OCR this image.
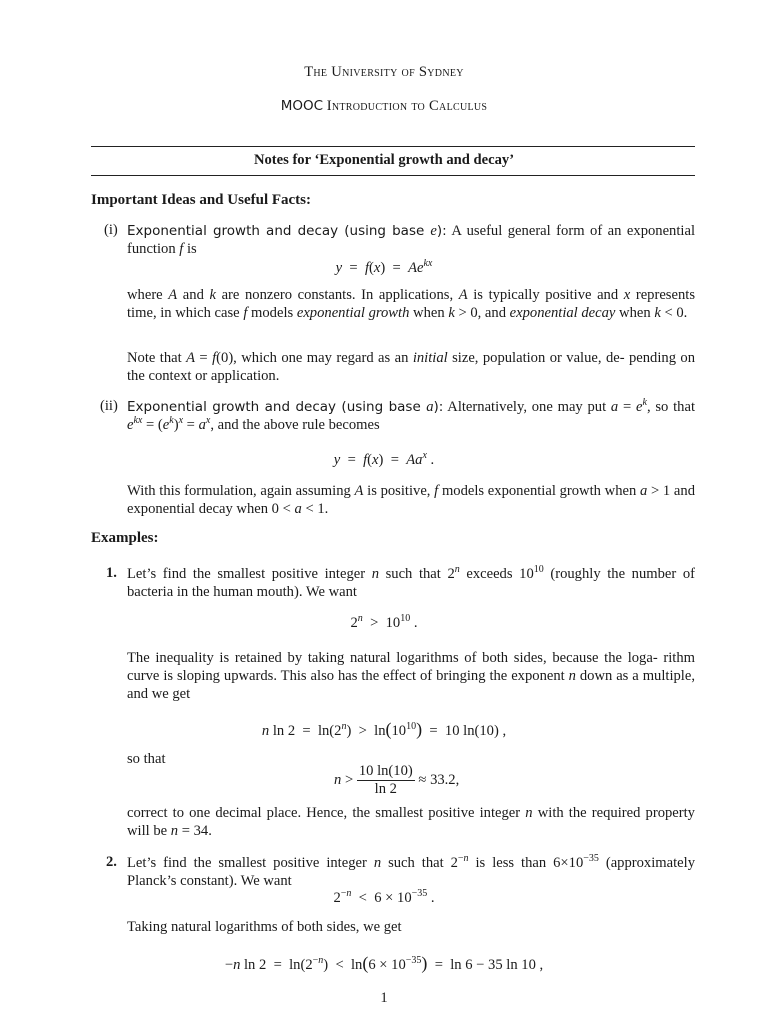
The University of Sydney
MOOC Introduction to Calculus
Notes for ‘Exponential growth and decay’
Important Ideas and Useful Facts:
(i) Exponential growth and decay (using base e): A useful general form of an exponential function f is
$y = f(x) = Ae^{kx}$
where A and k are nonzero constants. In applications, A is typically positive and x represents time, in which case f models exponential growth when k > 0, and exponential decay when k < 0.
Note that A = f(0), which one may regard as an initial size, population or value, de- pending on the context or application.
(ii) Exponential growth and decay (using base a): Alternatively, one may put $a = e^k$, so that $e^{kx} = (e^k)^x = a^x$, and the above rule becomes
y  =  f(x)  =  Aa$^x$ .
With this formulation, again assuming A is positive, f models exponential growth when a > 1 and exponential decay when 0 < a < 1.
Examples:
1. Let’s find the smallest positive integer n such that 2$^n$ exceeds $10^{10}$ (roughly the number of bacteria in the human mouth). We want
$2^n > 10^{10}$ .
The inequality is retained by taking natural logarithms of both sides, because the loga- rithm curve is sloping upwards. This also has the effect of bringing the exponent n down as a multiple, and we get
n $\ln 2 = \ln(2^n) > \ln(10^{10}) = 10$ ln(10) ,
so that
$n > \frac{10 \ln(10)}{\ln 2} \approx 33.2$,
correct to one decimal place. Hence, the smallest positive integer n with the required property will be n = 34.
2. Let’s find the smallest positive integer n such that $2^{-n}$ is less than $6\times 10^{-35}$ (approximately Planck’s constant). We want
$2^{-n} < 6 \times 10^{-35}$ .
Taking natural logarithms of both sides, we get
−n $\ln 2 = \ln(2^{-n}) < \ln(6 \times 10^{-35}) = \ln 6 - 35$ ln 10 ,
1
